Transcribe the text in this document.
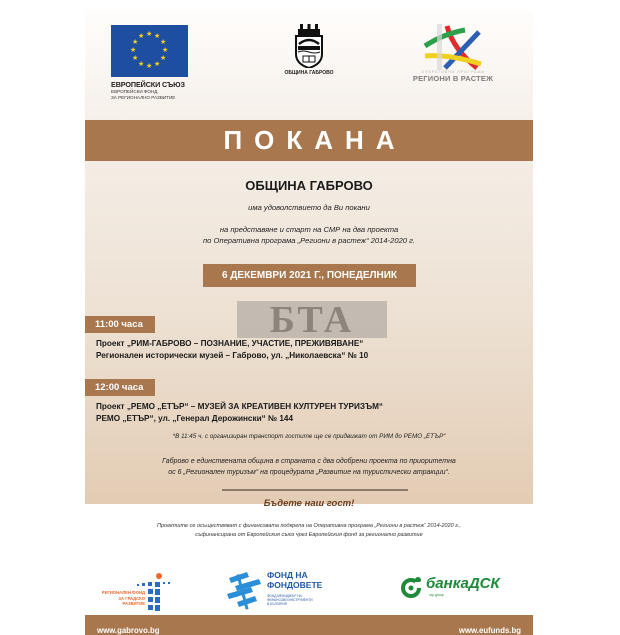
★ ★
★
★
★
★
★
★
★
★
★
★
ЕВРОПЕЙСКИ СЪЮЗ
ЕВРОПЕЙСКИ ФОНД
ЗА РЕГИОНАЛНО РАЗВИТИЕ
ОБЩИНА ГАБРОВО	ОПЕРАТИВНА ПРОГРАМА
РЕГИОНИ В РАСТЕЖ
ПОКАНА
ОБЩИНА ГАБРОВО
има удоволствието да Ви покани
на представяне и старт на СМР на два проекта
по Оперативна програма „Региони в растеж“ 2014-2020 г.
6 ДЕКЕМВРИ 2021 Г., ПОНЕДЕЛНИК
БТА
11:00 часа
Проект „РИМ-ГАБРОВО – ПОЗНАНИЕ, УЧАСТИЕ, ПРЕЖИВЯВАНЕ“
Регионален исторически музей – Габрово, ул. „Николаевска“ № 10
12:00 часа
Проект „РЕМО „ЕТЪР“ – МУЗЕЙ ЗА КРЕАТИВЕН КУЛТУРЕН ТУРИЗЪМ“
РЕМО „ЕТЪР“, ул. „Генерал Дерожински“ № 144
*В 11:45 ч. с организиран транспорт гостите ще се придвижат от РИМ до РЕМО „ЕТЪР“
Габрово е единствената община в страната с два одобрени проекта по приоритетна
ос 6 „Регионален туризъм“ на процедурата „Развитие на туристически атракции“.
Бъдете наш гост!
Проектите се осъществяват с финансовата подкрепа на Оперативна програма „Региони в растеж“ 2014-2020 г.,
съфинансирана от Европейския съюз чрез Европейския фонд за регионално развитие
РЕГИОНАЛЕН ФОНД
ЗА ГРАДСКО
РАЗВИТИЕ
ФОНД НА
ФОНДОВЕТЕ
ФОНД МЕНИДЖЪР НА
ФИНАНСОВИ ИНСТРУМЕНТИ
В БЪЛГАРИЯ
банкаДСК
otp group
www.gabrovo.bg	www.eufunds.bg
